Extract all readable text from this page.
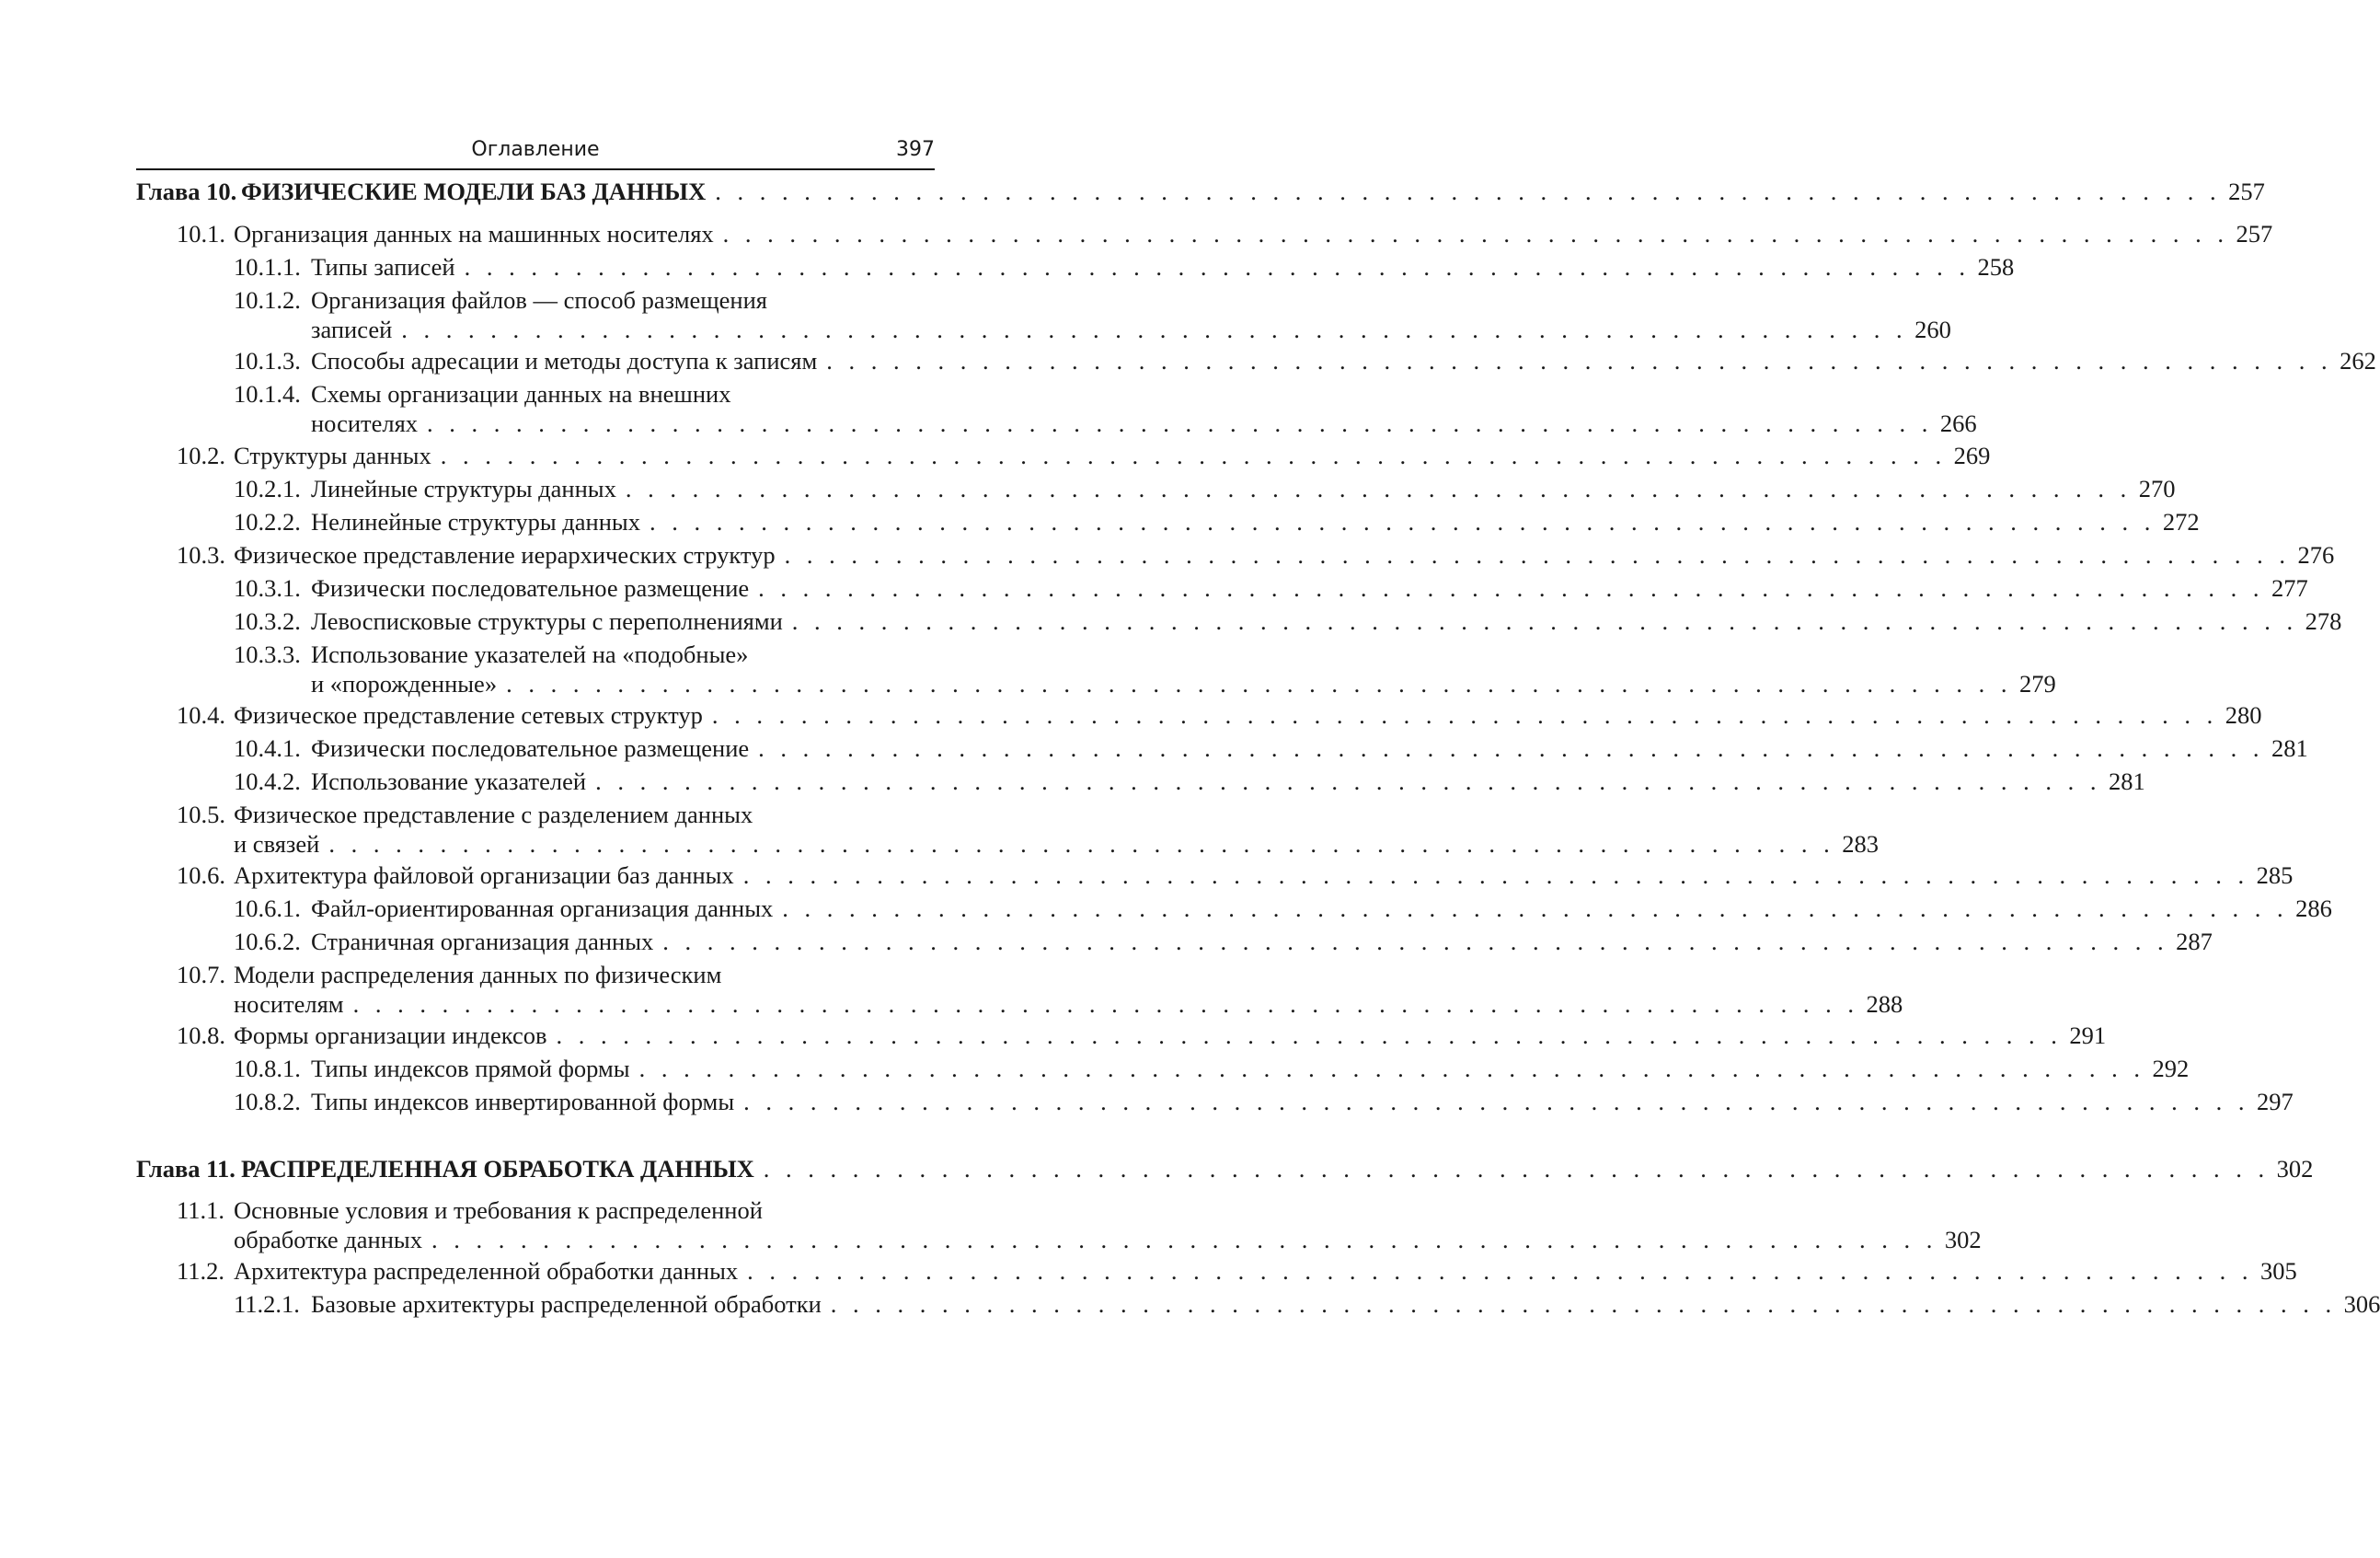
Оглавление	397
Глава 10. ФИЗИЧЕСКИЕ МОДЕЛИ БАЗ ДАННЫХ . . . . . . . . . . . . . . . . . . . . . . . . . . . . . . . . . . . . . . . . . . . . . . . . . . . . . . . . . . . . . . . . . . . . 257
10.1. Организация данных на машинных носителях . . . . . . . . . . . . . . . . . . . . . . . . . . . . . . . . . . . . . . . . . . . . . . . . . . . . . . . . . . . . . . . . . . . . 257
10.1.1. Типы записей . . . . . . . . . . . . . . . . . . . . . . . . . . . . . . . . . . . . . . . . . . . . . . . . . . . . . . . . . . . . . . . . . . . . 258
10.1.2. Организация файлов — способ размещения
записей . . . . . . . . . . . . . . . . . . . . . . . . . . . . . . . . . . . . . . . . . . . . . . . . . . . . . . . . . . . . . . . . . . . . 260
10.1.3. Способы адресации и методы доступа к записям . . . . . . . . . . . . . . . . . . . . . . . . . . . . . . . . . . . . . . . . . . . . . . . . . . . . . . . . . . . . . . . . . . . . 262
10.1.4. Схемы организации данных на внешних
носителях . . . . . . . . . . . . . . . . . . . . . . . . . . . . . . . . . . . . . . . . . . . . . . . . . . . . . . . . . . . . . . . . . . . . 266
10.2. Структуры данных . . . . . . . . . . . . . . . . . . . . . . . . . . . . . . . . . . . . . . . . . . . . . . . . . . . . . . . . . . . . . . . . . . . . 269
10.2.1. Линейные структуры данных . . . . . . . . . . . . . . . . . . . . . . . . . . . . . . . . . . . . . . . . . . . . . . . . . . . . . . . . . . . . . . . . . . . . 270
10.2.2. Нелинейные структуры данных . . . . . . . . . . . . . . . . . . . . . . . . . . . . . . . . . . . . . . . . . . . . . . . . . . . . . . . . . . . . . . . . . . . . 272
10.3. Физическое представление иерархических структур . . . . . . . . . . . . . . . . . . . . . . . . . . . . . . . . . . . . . . . . . . . . . . . . . . . . . . . . . . . . . . . . . . . . 276
10.3.1. Физически последовательное размещение . . . . . . . . . . . . . . . . . . . . . . . . . . . . . . . . . . . . . . . . . . . . . . . . . . . . . . . . . . . . . . . . . . . . 277
10.3.2. Левосписковые структуры с переполнениями . . . . . . . . . . . . . . . . . . . . . . . . . . . . . . . . . . . . . . . . . . . . . . . . . . . . . . . . . . . . . . . . . . . . 278
10.3.3. Использование указателей на «подобные»
и «порожденные» . . . . . . . . . . . . . . . . . . . . . . . . . . . . . . . . . . . . . . . . . . . . . . . . . . . . . . . . . . . . . . . . . . . . 279
10.4. Физическое представление сетевых структур . . . . . . . . . . . . . . . . . . . . . . . . . . . . . . . . . . . . . . . . . . . . . . . . . . . . . . . . . . . . . . . . . . . . 280
10.4.1. Физически последовательное размещение . . . . . . . . . . . . . . . . . . . . . . . . . . . . . . . . . . . . . . . . . . . . . . . . . . . . . . . . . . . . . . . . . . . . 281
10.4.2. Использование указателей . . . . . . . . . . . . . . . . . . . . . . . . . . . . . . . . . . . . . . . . . . . . . . . . . . . . . . . . . . . . . . . . . . . . 281
10.5. Физическое представление с разделением данных
и связей . . . . . . . . . . . . . . . . . . . . . . . . . . . . . . . . . . . . . . . . . . . . . . . . . . . . . . . . . . . . . . . . . . . . 283
10.6. Архитектура файловой организации баз данных . . . . . . . . . . . . . . . . . . . . . . . . . . . . . . . . . . . . . . . . . . . . . . . . . . . . . . . . . . . . . . . . . . . . 285
10.6.1. Файл-ориентированная организация данных . . . . . . . . . . . . . . . . . . . . . . . . . . . . . . . . . . . . . . . . . . . . . . . . . . . . . . . . . . . . . . . . . . . . 286
10.6.2. Страничная организация данных . . . . . . . . . . . . . . . . . . . . . . . . . . . . . . . . . . . . . . . . . . . . . . . . . . . . . . . . . . . . . . . . . . . . 287
10.7. Модели распределения данных по физическим
носителям . . . . . . . . . . . . . . . . . . . . . . . . . . . . . . . . . . . . . . . . . . . . . . . . . . . . . . . . . . . . . . . . . . . . 288
10.8. Формы организации индексов . . . . . . . . . . . . . . . . . . . . . . . . . . . . . . . . . . . . . . . . . . . . . . . . . . . . . . . . . . . . . . . . . . . . 291
10.8.1. Типы индексов прямой формы . . . . . . . . . . . . . . . . . . . . . . . . . . . . . . . . . . . . . . . . . . . . . . . . . . . . . . . . . . . . . . . . . . . . 292
10.8.2. Типы индексов инвертированной формы . . . . . . . . . . . . . . . . . . . . . . . . . . . . . . . . . . . . . . . . . . . . . . . . . . . . . . . . . . . . . . . . . . . . 297
Глава 11. РАСПРЕДЕЛЕННАЯ ОБРАБОТКА ДАННЫХ . . . . . . . . . . . . . . . . . . . . . . . . . . . . . . . . . . . . . . . . . . . . . . . . . . . . . . . . . . . . . . . . . . . . 302
11.1. Основные условия и требования к распределенной
обработке данных . . . . . . . . . . . . . . . . . . . . . . . . . . . . . . . . . . . . . . . . . . . . . . . . . . . . . . . . . . . . . . . . . . . . 302
11.2. Архитектура распределенной обработки данных . . . . . . . . . . . . . . . . . . . . . . . . . . . . . . . . . . . . . . . . . . . . . . . . . . . . . . . . . . . . . . . . . . . . 305
11.2.1. Базовые архитектуры распределенной обработки . . . . . . . . . . . . . . . . . . . . . . . . . . . . . . . . . . . . . . . . . . . . . . . . . . . . . . . . . . . . . . . . . . . . 306
